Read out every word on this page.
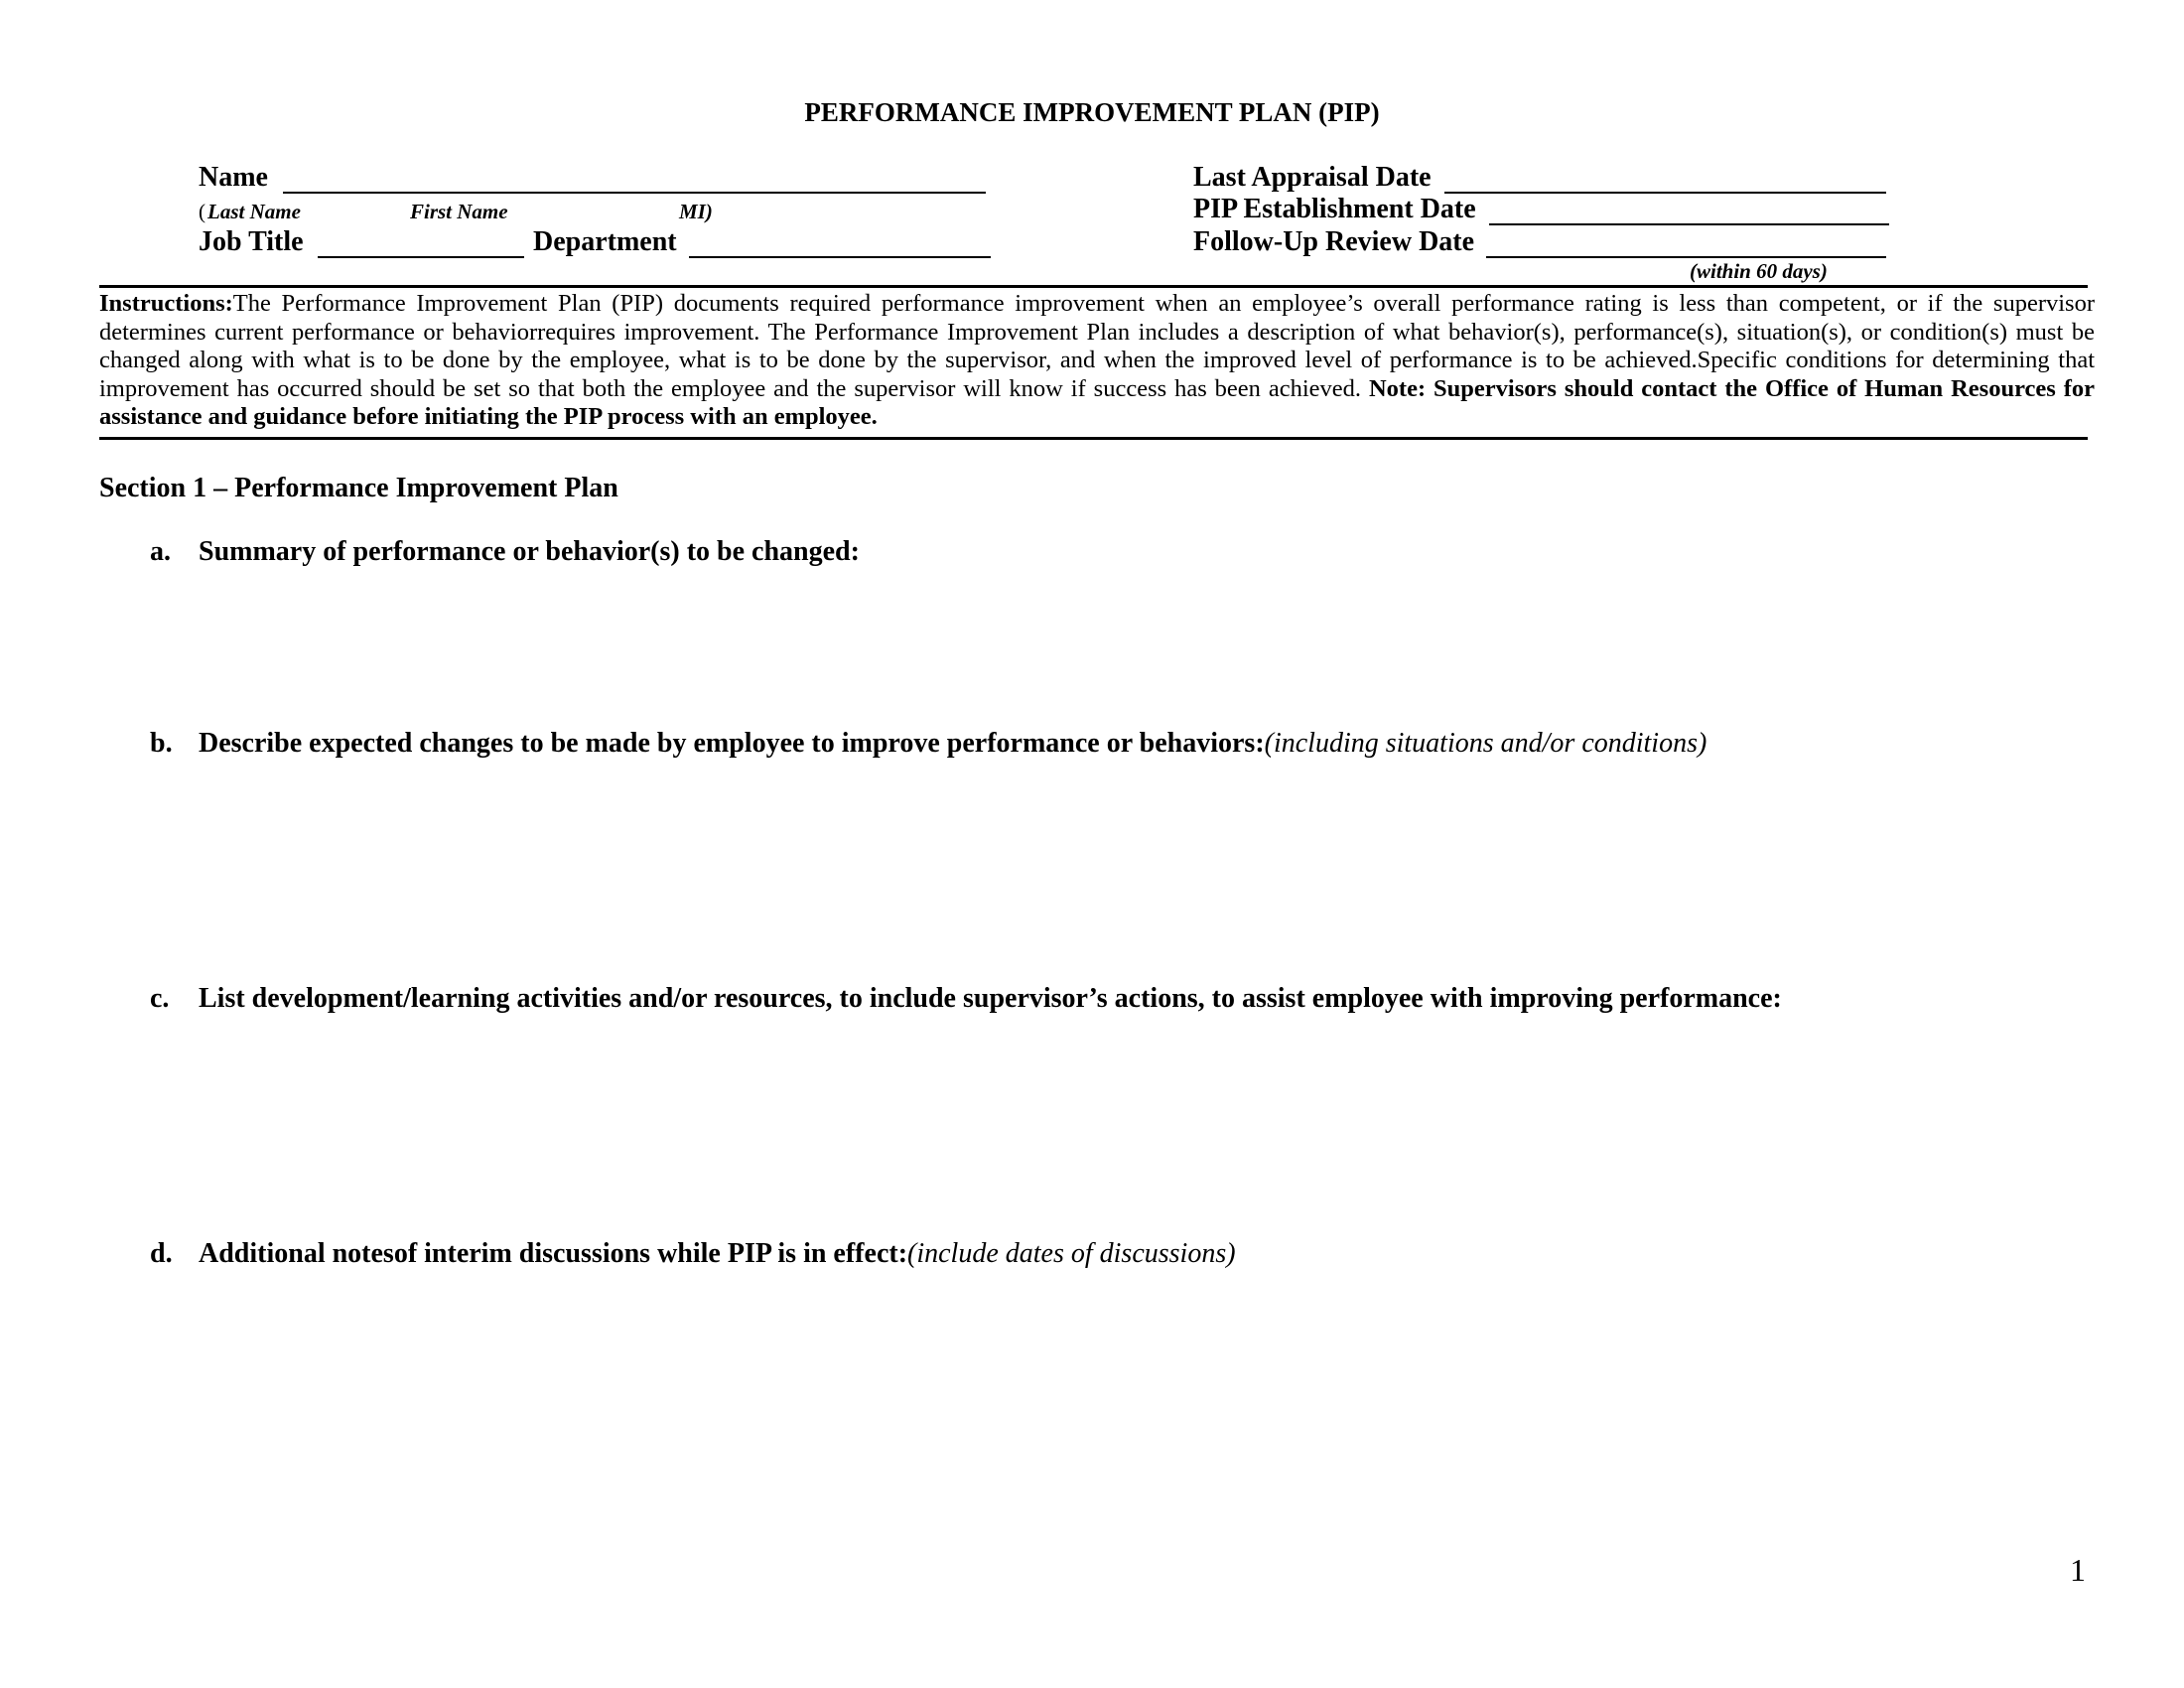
PERFORMANCE IMPROVEMENT PLAN (PIP)
Name
( Last Name	First Name	MI)
Job Title	Department
Last Appraisal Date
PIP Establishment Date
Follow-Up Review Date
(within 60 days)
Instructions:The Performance Improvement Plan (PIP) documents required performance improvement when an employee’s overall performance rating is less than competent, or if the supervisor determines current performance or behaviorrequires improvement. The Performance Improvement Plan includes a description of what behavior(s), performance(s), situation(s), or condition(s) must be changed along with what is to be done by the employee, what is to be done by the supervisor, and when the improved level of performance is to be achieved.Specific conditions for determining that improvement has occurred should be set so that both the employee and the supervisor will know if success has been achieved. Note: Supervisors should contact the Office of Human Resources for assistance and guidance before initiating the PIP process with an employee.
Section 1 – Performance Improvement Plan
a. Summary of performance or behavior(s) to be changed:
b. Describe expected changes to be made by employee to improve performance or behaviors:(including situations and/or conditions)
c. List development/learning activities and/or resources, to include supervisor’s actions, to assist employee with improving performance:
d. Additional notesof interim discussions while PIP is in effect:(include dates of discussions)
1
